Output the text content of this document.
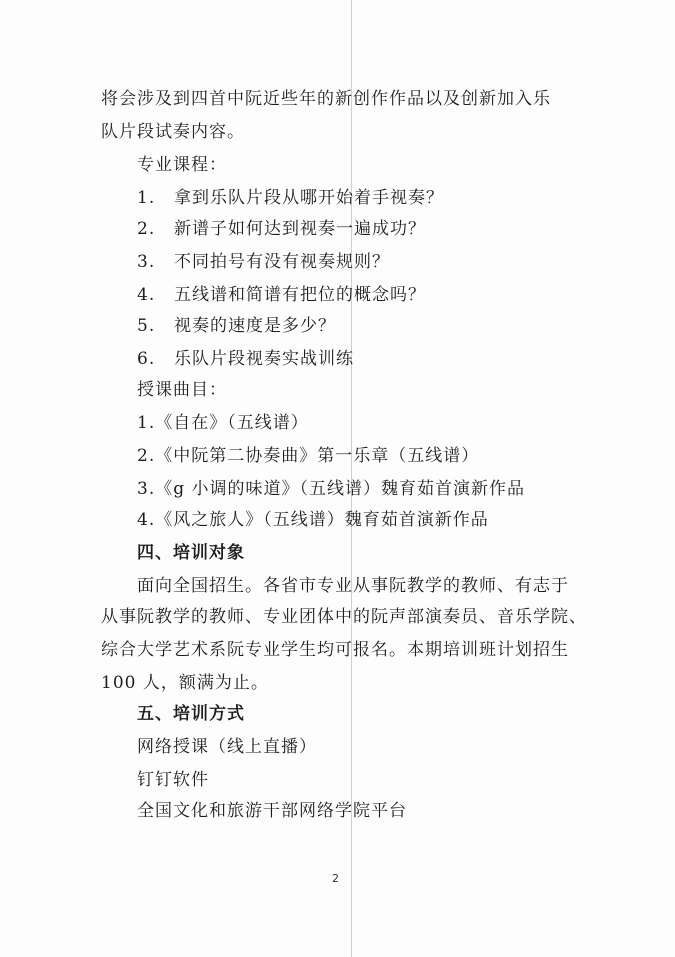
将会涉及到四首中阮近些年的新创作作品以及创新加入乐
队片段试奏内容。
专业课程：
1. 拿到乐队片段从哪开始着手视奏？
2. 新谱子如何达到视奏一遍成功？
3. 不同拍号有没有视奏规则？
4. 五线谱和简谱有把位的概念吗？
5. 视奏的速度是多少？
6. 乐队片段视奏实战训练
授课曲目：
1.《自在》（五线谱）
2.《中阮第二协奏曲》第一乐章（五线谱）
3.《g 小调的味道》（五线谱）魏育茹首演新作品
4.《风之旅人》（五线谱）魏育茹首演新作品
四、培训对象
面向全国招生。各省市专业从事阮教学的教师、有志于
从事阮教学的教师、专业团体中的阮声部演奏员、音乐学院、
综合大学艺术系阮专业学生均可报名。本期培训班计划招生
100 人，额满为止。
五、培训方式
网络授课（线上直播）
钉钉软件
全国文化和旅游干部网络学院平台
2
